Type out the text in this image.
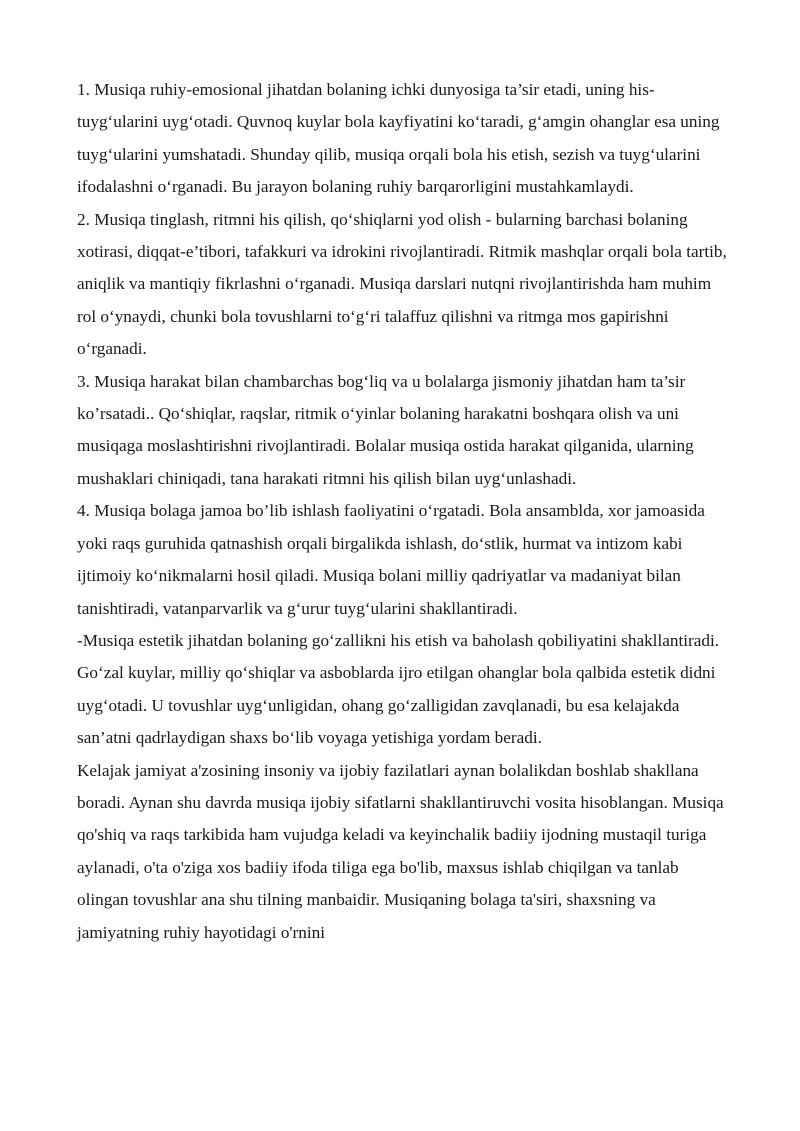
1. Musiqa ruhiy-emosional jihatdan bolaning ichki dunyosiga ta’sir etadi, uning his-tuyg‘ularini uyg‘otadi. Quvnoq kuylar bola kayfiyatini ko‘taradi, g‘amgin ohanglar esa uning tuyg‘ularini yumshatadi. Shunday qilib, musiqa orqali bola his etish, sezish va tuyg‘ularini ifodalashni o‘rganadi. Bu jarayon bolaning ruhiy barqarorligini mustahkamlaydi.

2. Musiqa tinglash, ritmni his qilish, qo‘shiqlarni yod olish - bularning barchasi bolaning xotirasi, diqqat-e’tibori, tafakkuri va idrokini rivojlantiradi. Ritmik mashqlar orqali bola tartib, aniqlik va mantiqiy fikrlashni o‘rganadi. Musiqa darslari nutqni rivojlantirishda ham muhim rol o‘ynaydi, chunki bola tovushlarni to‘g‘ri talaffuz qilishni va ritmga mos gapirishni o‘rganadi.

3. Musiqa harakat bilan chambarchas bog‘liq va u bolalarga jismoniy jihatdan ham ta’sir ko’rsatadi.. Qo‘shiqlar, raqslar, ritmik o‘yinlar bolaning harakatni boshqara olish va uni musiqaga moslashtirishni rivojlantiradi. Bolalar musiqa ostida harakat qilganida, ularning mushaklari chiniqadi, tana harakati ritmni his qilish bilan uyg‘unlashadi.

4. Musiqa bolaga jamoa bo’lib ishlash faoliyatini o‘rgatadi. Bola ansamblda, xor jamoasida yoki raqs guruhida qatnashish orqali birgalikda ishlash, do‘stlik, hurmat va intizom kabi ijtimoiy ko‘nikmalarni hosil qiladi. Musiqa bolani milliy qadriyatlar va madaniyat bilan tanishtiradi, vatanparvarlik va g‘urur tuyg‘ularini shakllantiradi.

-Musiqa estetik jihatdan bolaning go‘zallikni his etish va baholash qobiliyatini shakllantiradi. Go‘zal kuylar, milliy qo‘shiqlar va asboblarda ijro etilgan ohanglar bola qalbida estetik didni uyg‘otadi. U tovushlar uyg‘unligidan, ohang go‘zalligidan zavqlanadi, bu esa kelajakda san’atni qadrlaydigan shaxs bo‘lib voyaga yetishiga yordam beradi.

Kelajak jamiyat a'zosining insoniy va ijobiy fazilatlari aynan bolalikdan boshlab shakllana boradi. Aynan shu davrda musiqa ijobiy sifatlarni shakllantiruvchi vosita hisoblangan. Musiqa qo'shiq va raqs tarkibida ham vujudga keladi va keyinchalik badiiy ijodning mustaqil turiga aylanadi, o'ta o'ziga xos badiiy ifoda tiliga ega bo'lib, maxsus ishlab chiqilgan va tanlab olingan tovushlar ana shu tilning manbaidir. Musiqaning bolaga ta'siri, shaxsning va jamiyatning ruhiy hayotidagi o'rnini
